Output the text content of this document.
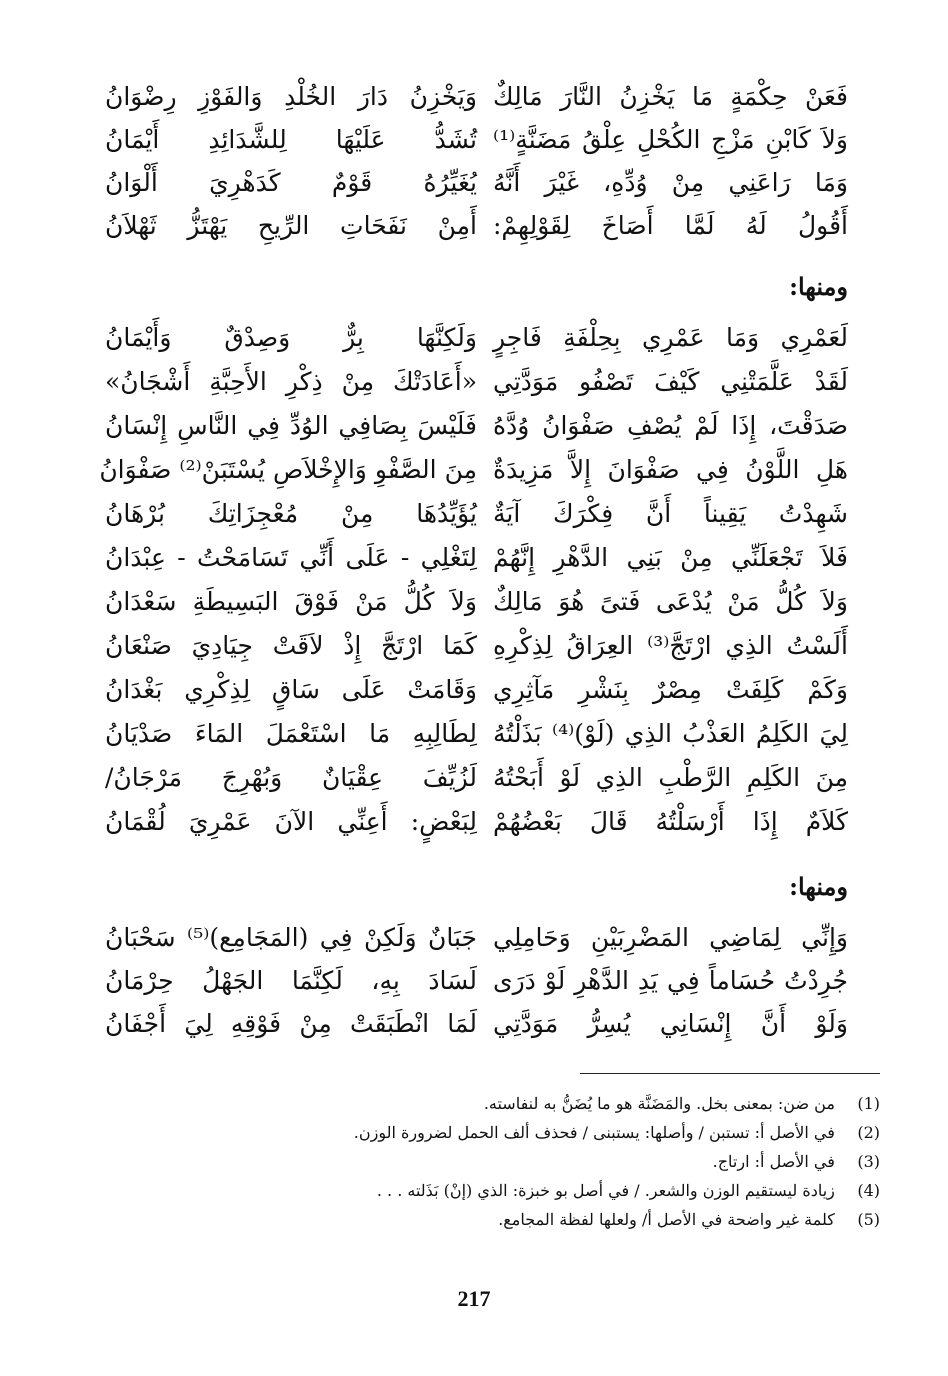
فَعَنْ حِكْمَةٍ مَا يَخْزِنُ النَّارَ مَالِكٌ
وَيَخْزِنُ دَارَ الخُلْدِ وَالفَوْزِ رِضْوَانُ
وَلاَ كَابْنِ مَزْجِ الكُحْلِ عِلْقُ مَضَنَّةٍ⁽¹⁾
تُشَدُّ عَلَيْهَا لِلشَّدَائِدِ أَيْمَانُ
وَمَا رَاعَنِي مِنْ وُدِّهِ، غَيْرَ أَنَّهُ
يُغَيِّرُهُ قَوْمٌ كَدَهْرِيَ أَلْوَانُ
أَقُولُ لَهُ لَمَّا أَصَاخَ لِقَوْلِهِمْ:
أَمِنْ نَفَحَاتِ الرِّيحِ يَهْتَزُّ ثَهْلاَنُ
ومنها:
لَعَمْرِي وَمَا عَمْرِي بِحِلْفَةِ فَاجِرٍ
وَلَكِنَّهَا بِرٌّ وَصِدْقٌ وَأَيْمَانُ
لَقَدْ عَلَّمَتْنِي كَيْفَ تَصْفُو مَوَدَّتِي
«أَعَادَتْكَ مِنْ ذِكْرِ الأَحِبَّةِ أَشْجَانُ»
صَدَقْتَ، إِذَا لَمْ يُصْفِ صَفْوَانُ وُدَّهُ
فَلَيْسَ بِصَافِي الوُدِّ فِي النَّاسِ إِنْسَانُ
هَلِ اللَّوْنُ فِي صَفْوَانَ إِلاَّ مَزِيدَةٌ
مِنَ الصَّفْوِ وَالإِخْلاَصِ يُسْتَبَنْ⁽²⁾ صَفْوَانُ
شَهِدْتُ يَقِيناً أَنَّ فِكْرَكَ آيَةٌ
يُؤَيِّدُهَا مِنْ مُعْجِزَاتِكَ بُرْهَانُ
فَلاَ تَجْعَلَنِّي مِنْ بَنِي الدَّهْرِ إِنَّهُمْ
لِتَغْلِي - عَلَى أَنِّي تَسَامَحْتُ - عِبْدَانُ
وَلاَ كُلُّ مَنْ يُدْعَى فَتىً هُوَ مَالِكٌ
وَلاَ كُلُّ مَنْ فَوْقَ البَسِيطَةِ سَعْدَانُ
أَلَسْتُ الذِي ارْتَجَّ⁽³⁾ العِرَاقُ لِذِكْرِهِ
كَمَا ارْتَجَّ إِذْ لاَقَتْ جِيَادِيَ صَنْعَانُ
وَكَمْ كَلِفَتْ مِصْرٌ بِنَشْرِ مَآثِرِي
وَقَامَتْ عَلَى سَاقٍ لِذِكْرِي بَغْدَانُ
لِيَ الكَلِمُ العَذْبُ الذِي (لَوْ)⁽⁴⁾ بَذَلْتُهُ
لِطَالِبِهِ مَا اسْتَعْمَلَ المَاءَ صَدْيَانُ
مِنَ الكَلِمِ الرَّطْبِ الذِي لَوْ أَبَحْتُهُ
لَزُيِّفَ عِقْيَانٌ وَبُهْرِجَ مَرْجَانُ/
كَلاَمٌ إِذَا أَرْسَلْتُهُ قَالَ بَعْضُهُمْ
لِبَعْضٍ: أَعِنِّي الآنَ عَمْرِيَ لُقْمَانُ
ومنها:
وَإِنِّي لِمَاضِي المَضْرِبَيْنِ وَحَامِلِي
جَبَانٌ وَلَكِنْ فِي (المَجَامِع)⁽⁵⁾ سَحْبَانُ
جُرِدْتُ حُسَاماً فِي يَدِ الدَّهْرِ لَوْ دَرَى
لَسَادَ بِهِ، لَكِنَّمَا الجَهْلُ حِرْمَانُ
وَلَوْ أَنَّ إِنْسَانِي يُسِرُّ مَوَدَّتِي
لَمَا انْطَبَقَتْ مِنْ فَوْقِهِ لِيَ أَجْفَانُ
(1) من ضن: بمعنى بخل. والمَضَنَّة هو ما يُضَنُّ به لنفاسته.
(2) في الأصل أ: تستبن / وأصلها: يستبنى / فحذف ألف الحمل لضرورة الوزن.
(3) في الأصل أ: ارتاج.
(4) زيادة ليستقيم الوزن والشعر. / في أصل بو خبزة: الذي (إنْ) بَذَلته . . .
(5) كلمة غير واضحة في الأصل أ/ ولعلها لفظة المجامع.
217
